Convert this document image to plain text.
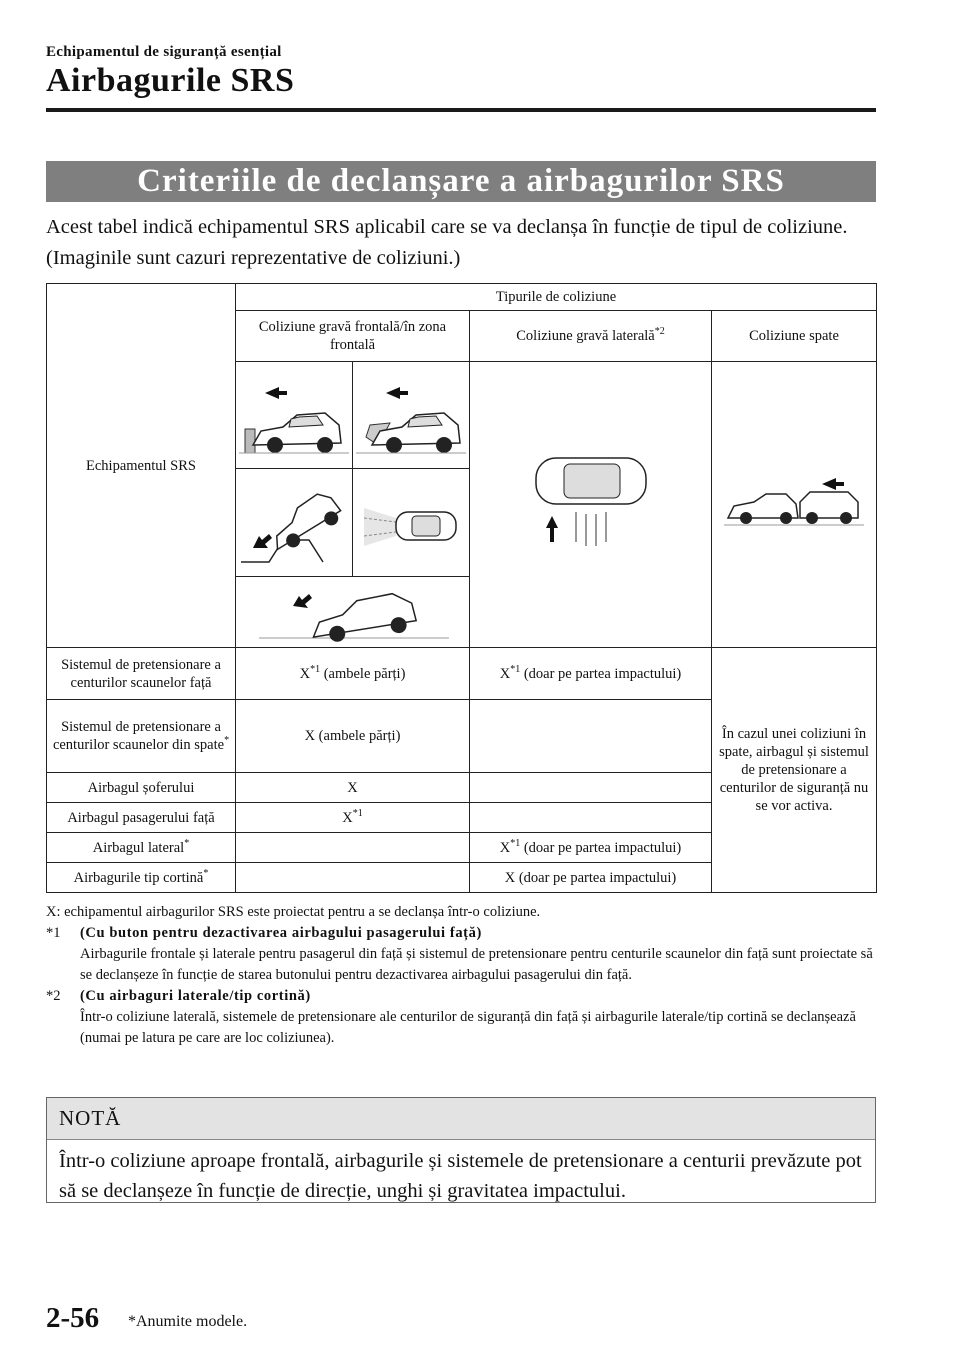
Echipamentul de siguranță esențial
Airbagurile SRS
Criteriile de declanșare a airbagurilor SRS
Acest tabel indică echipamentul SRS aplicabil care se va declanșa în funcție de tipul de coliziune. (Imaginile sunt cazuri reprezentative de coliziuni.)
Echipamentul SRS	Tipurile de coliziune		
	Coliziune gravă frontală/în zona frontală	Coliziune gravă laterală$^{*2}$	Coliziune spate

Sistemul de pretensionare a centurilor scaunelor față	$X^{*1}$ (ambele părți)	$X^{*1}$ (doar pe partea impactului)	În cazul unei coliziuni în spate, airbagul și sistemul de pretensionare a centurilor de siguranță nu se vor activa.
Sistemul de pretensionare a centurilor scaunelor din spate*	X (ambele părți)		
Airbagul șoferului	X		
Airbagul pasagerului față	$X^{*1}$	
Airbagul lateral*		$X^{*1}$ (doar pe partea impactului)	
Airbagurile tip cortină*		X (doar pe partea impactului)	
X: echipamentul airbagurilor SRS este proiectat pentru a se declanșa într-o coliziune.
*1	(Cu buton pentru dezactivarea airbagului pasagerului față)
Airbagurile frontale și laterale pentru pasagerul din față și sistemul de pretensionare pentru centurile scaunelor din față sunt proiectate să se declanșeze în funcție de starea butonului pentru dezactivarea airbagului pasagerului din față.
*2	(Cu airbaguri laterale/tip cortină)
Într-o coliziune laterală, sistemele de pretensionare ale centurilor de siguranță din față și airbagurile laterale/tip cortină se declanșează (numai pe latura pe care are loc coliziunea).
NOTĂ
Într-o coliziune aproape frontală, airbagurile și sistemele de pretensionare a centurii prevăzute pot să se declanșeze în funcție de direcție, unghi și gravitatea impactului.
2-56 *Anumite modele.
